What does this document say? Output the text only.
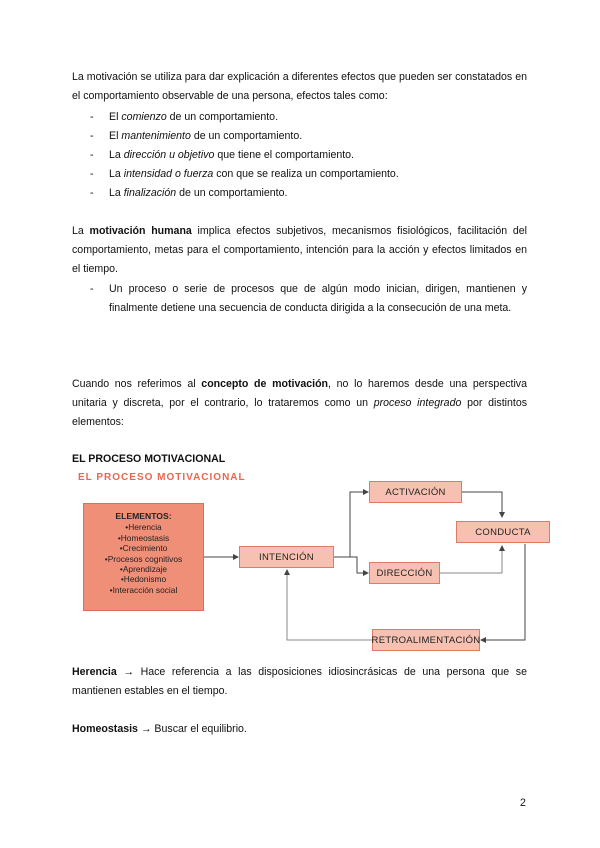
La motivación se utiliza para dar explicación a diferentes efectos que pueden ser constatados en el comportamiento observable de una persona, efectos tales como:
- El comienzo de un comportamiento.
- El mantenimiento de un comportamiento.
- La dirección u objetivo que tiene el comportamiento.
- La intensidad o fuerza con que se realiza un comportamiento.
- La finalización de un comportamiento.
La motivación humana implica efectos subjetivos, mecanismos fisiológicos, facilitación del comportamiento, metas para el comportamiento, intención para la acción y efectos limitados en el tiempo.
- Un proceso o serie de procesos que de algún modo inician, dirigen, mantienen y finalmente detiene una secuencia de conducta dirigida a la consecución de una meta.
Cuando nos referimos al concepto de motivación, no lo haremos desde una perspectiva unitaria y discreta, por el contrario, lo trataremos como un proceso integrado por distintos elementos:
EL PROCESO MOTIVACIONAL
EL PROCESO MOTIVACIONAL
ELEMENTOS:
•Herencia
•Homeostasis
•Crecimiento
•Procesos cognitivos
•Aprendizaje
•Hedonismo
•Interacción social
INTENCIÓN
ACTIVACIÓN
DIRECCIÓN
CONDUCTA
RETROALIMENTACIÓN
Herencia → Hace referencia a las disposiciones idiosincrásicas de una persona que se mantienen estables en el tiempo.
Homeostasis → Buscar el equilibrio.
2
